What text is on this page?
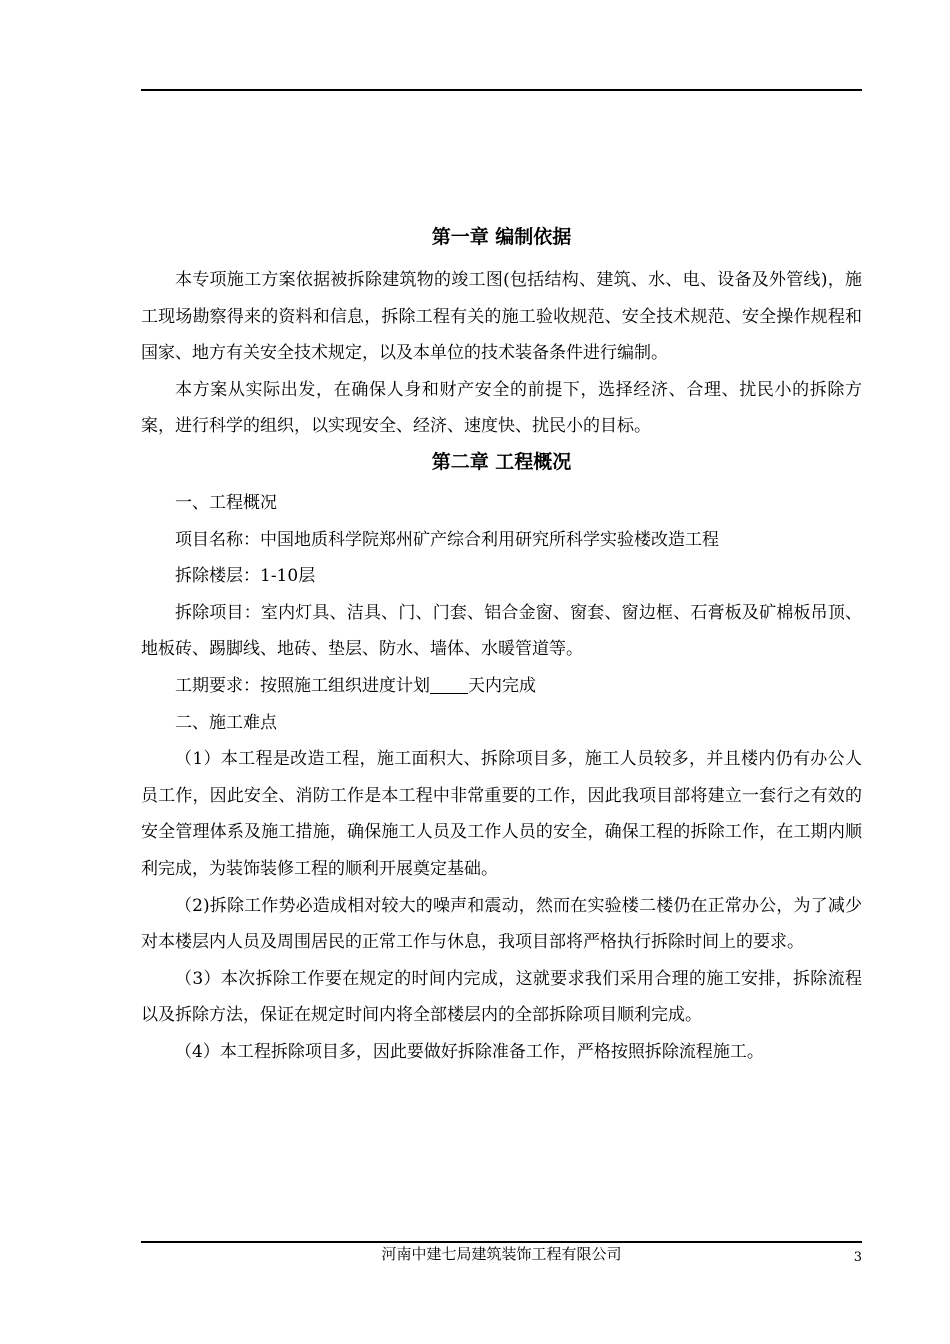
第一章 编制依据

本专项施工方案依据被拆除建筑物的竣工图(包括结构、建筑、水、电、设备及外管线)，施工现场勘察得来的资料和信息，拆除工程有关的施工验收规范、安全技术规范、安全操作规程和国家、地方有关安全技术规定，以及本单位的技术装备条件进行编制。

本方案从实际出发，在确保人身和财产安全的前提下，选择经济、合理、扰民小的拆除方案，进行科学的组织，以实现安全、经济、速度快、扰民小的目标。

第二章 工程概况

一、工程概况

项目名称：中国地质科学院郑州矿产综合利用研究所科学实验楼改造工程

拆除楼层：1-10层

拆除项目：室内灯具、洁具、门、门套、铝合金窗、窗套、窗边框、石膏板及矿棉板吊顶、地板砖、踢脚线、地砖、垫层、防水、墙体、水暖管道等。

工期要求：按照施工组织进度计划 天内完成

二、施工难点

（1）本工程是改造工程，施工面积大、拆除项目多，施工人员较多，并且楼内仍有办公人员工作，因此安全、消防工作是本工程中非常重要的工作，因此我项目部将建立一套行之有效的安全管理体系及施工措施，确保施工人员及工作人员的安全，确保工程的拆除工作，在工期内顺利完成，为装饰装修工程的顺利开展奠定基础。

（2)拆除工作势必造成相对较大的噪声和震动，然而在实验楼二楼仍在正常办公，为了减少对本楼层内人员及周围居民的正常工作与休息，我项目部将严格执行拆除时间上的要求。

（3）本次拆除工作要在规定的时间内完成，这就要求我们采用合理的施工安排，拆除流程以及拆除方法，保证在规定时间内将全部楼层内的全部拆除项目顺利完成。

（4）本工程拆除项目多，因此要做好拆除准备工作，严格按照拆除流程施工。

河南中建七局建筑装饰工程有限公司	3
